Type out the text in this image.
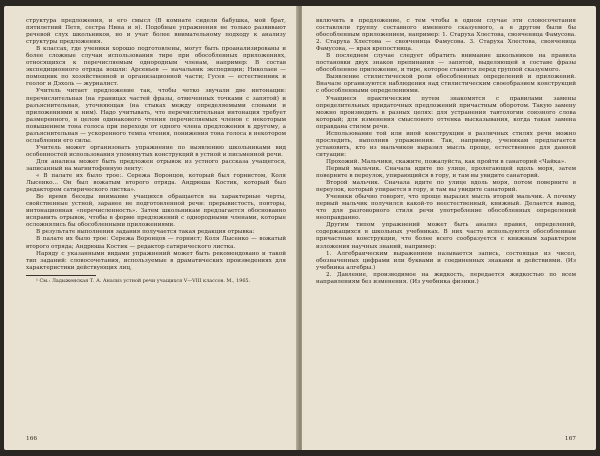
структура предложения, и его смысл (В комнате сидели бабушка, мой брат, пятилетний Петя, сестра Нина и я). Подобные упражнения не только развивают речевой слух школьников, но и учат более внимательному подходу к анализу структуры предложения.

В классах, где ученики хорошо подготовлены, могут быть проанализированы и более сложные случаи использования тире при обособленных приложениях, относящихся к перечисляемым однородным членам, например: В состав экспедиционного отряда вошли: Арсеньев — начальник экспедиции; Николаев — помощник по хозяйственной и организационной части; Гусев — естественник и геолог и Дэхоль — журналист.

Учитель читает предложение так, чтобы четко звучали две интонации: перечислительная (на границах частей фразы, отмеченных точками с запятой) и разъяснительная, уточняющая (на стыках между определяемыми словами и приложениями к ним). Надо учитывать, что перечислительная интонация требует размеренного, в целом одинакового чтения перечисляемых членов с некоторым повышением тона голоса при переходе от одного члена предложения к другому, а разъяснительная — ускоренного темпа чтения, понижения тона голоса в некотором ослаблении его силы.

Учитель может организовать упражнение по выявлению школьниками вид особенностей использования упомянутых конструкций в устной и письменной речи.

Для анализа может быть предложен отрывок из устного рассказа учащегося, записанный на магнитофонную ленту:

« В палате их было трое:. Сережа Воронцов, который был горнистом, Коля Лысенко... Он был вожатым второго отряда. Андрюша Костик, который был редактором сатирического листка».

Во время беседы внимание учащихся обращается на характерные черты, свойственные устной, заранее не подготовленной речи: прерывистость, повторы, интонационная «перечисленность». Затем школьникам предлагается обоснованно исправить отрывок, чтобы в форме предложений с однородными членами, которые осложнялись бы обособленными приложениями.

В результате выполнения задания получается такая редакция отрывка:

В палате их было трое: Сережа Воронцов — горнист; Коля Лысенко — вожатый второго отряда; Андрюша Костик — редактор сатирического листка.

Наряду с указанными видами упражнений может быть рекомендовано и такой тип заданий: словосочетания, используемые в драматических произведениях для характеристики действующих лиц,

¹ См.: Ладыженская Т. А. Анализ устной речи учащихся V—VIII классов. М., 1965.

166

включить в предложение, с тем чтобы в одном случае эти словосочетания составляли группу составного именного сказуемого, а в другом были бы обособленным приложением, например: 1. Старуха Хлестова, свояченица Фамусова. 2. Старуха Хлестова — свояченица Фамусова. 3. Старуха Хлестова, свояченица Фамусова, — ярая крепостница.

В последнем случае следует обратить внимание школьников на правила постановки двух знаков препинания — запятой, выделяющей в составе фразы обособленное приложение, и тире, которое ставится перед группой сказуемого.

Выявление стилистической роли обособленных определений и приложений. Вначале организуются наблюдения над стилистическим своеобразием конструкций с обособленными определениями.

Учащиеся практическим путем знакомятся с правилами замены определительных придаточных предложений причастным оборотом. Такую замену можно производить в разных целях: для устранения тавтологии союзного слова который; для изменения смыслового оттенка высказывания, когда такая замена оправдана стилем речи.

Использование той или иной конструкции в различных стилях речи можно проследить, выполнив упражнения. Так, например, ученикам предлагается установить, кто из мальчиков выразил мысль проще, естественнее для данной ситуации:

Прохожий. Мальчики, скажите, пожалуйста, как пройти в санаторий «Чайка».

Первый мальчик. Сначала идите по улице, пролегающей вдоль моря, затем поверните в переулок, упирающийся в гору, и там вы увидите санаторий.

Второй мальчик. Сначала идите по улице вдоль моря, потом поверните в переулок, который упирается в гору, и там вы увидите санаторий.

Ученики обычно говорят, что проще выразил мысль второй мальчик. А почему первый мальчик получился какой-то неестественный, книжный. Делается вывод, что для разговорного стиля речи употребление обособленных определений неоправданно.

Другим типом упражнений может быть анализ правил, определений, содержащихся в школьных учебниках. В них часто используются обособленные причастные конструкции, что более всего сообразуется с книжным характером изложения научных знаний, например:

1. Алгебраическим выражением называется запись, состоящая из чисел, обозначенных цифрами или буквами и соединенных знаками и действиями. (Из учебника алгебры.)

2. Давление, производимое на жидкость, передается жидкостью по всем направлениям без изменения. (Из учебника физики.)

167
